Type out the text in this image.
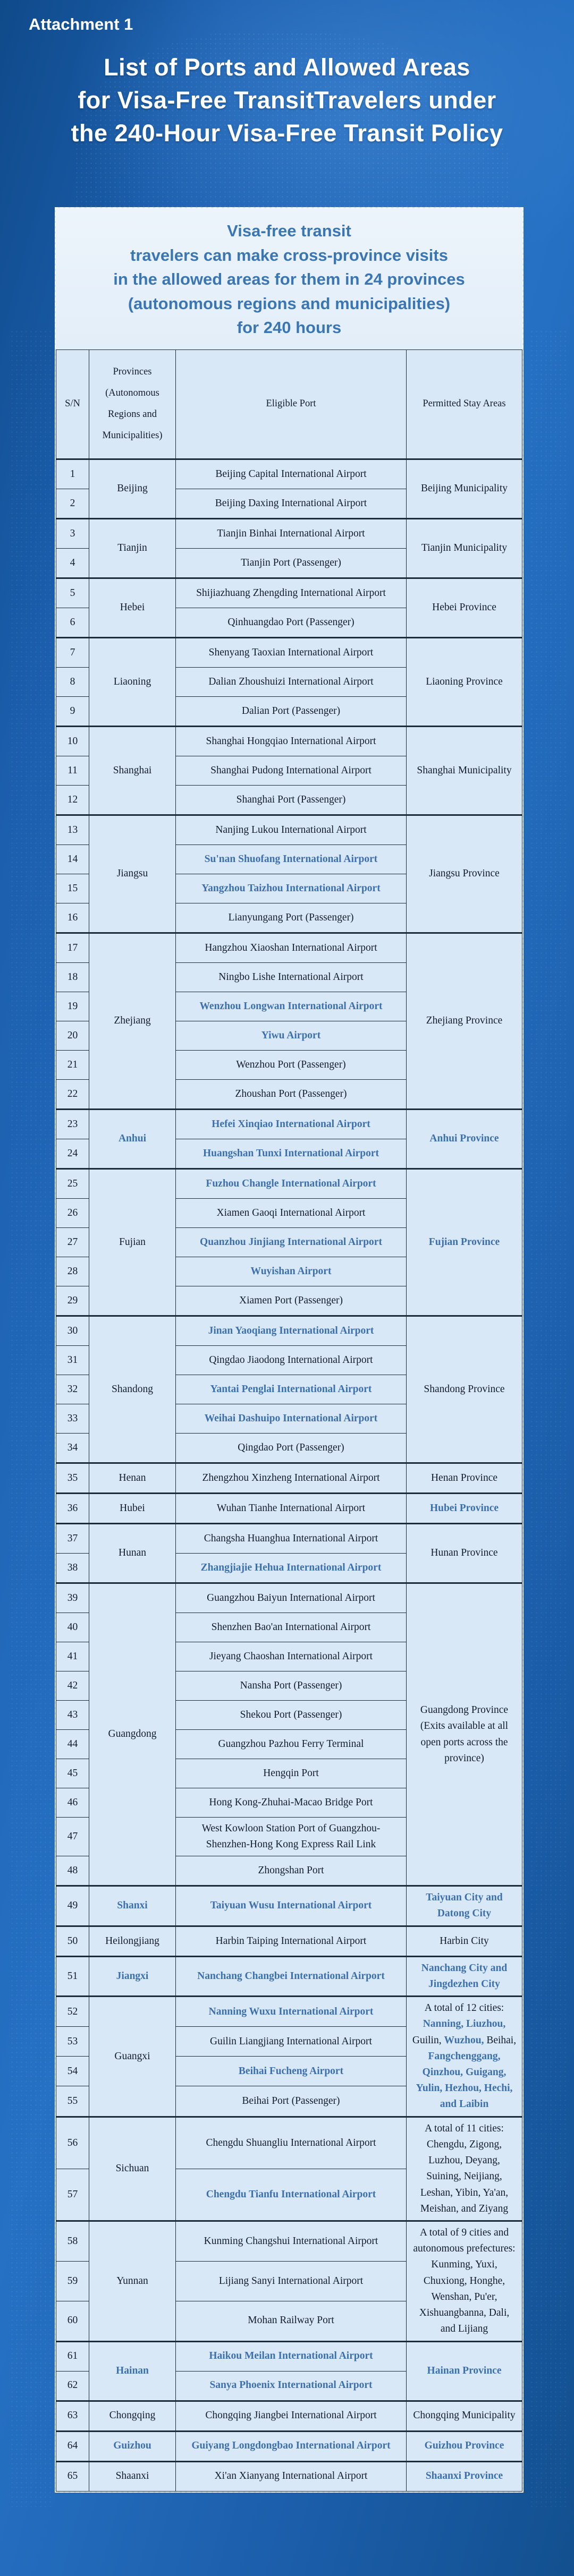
Attachment 1
List of Ports and Allowed Areas
for Visa-Free TransitTravelers under
the 240-Hour Visa-Free Transit Policy
Visa-free transit
travelers can make cross-province visits
in the allowed areas for them in 24 provinces
(autonomous regions and municipalities)
for 240 hours
S/N	Provinces (Autonomous Regions and Municipalities)	Eligible Port	Permitted Stay Areas
1	Beijing	Beijing Capital International Airport	Beijing Municipality
2		Beijing Daxing International Airport	
3	Tianjin	Tianjin Binhai International Airport	Tianjin Municipality
4		Tianjin Port (Passenger)	
5	Hebei	Shijiazhuang Zhengding International Airport	Hebei Province
6		Qinhuangdao Port (Passenger)	
7	Liaoning	Shenyang Taoxian International Airport	Liaoning Province
8		Dalian Zhoushuizi International Airport	
9		Dalian Port (Passenger)	
10	Shanghai	Shanghai Hongqiao International Airport	Shanghai Municipality
11		Shanghai Pudong International Airport	
12		Shanghai Port (Passenger)	
13	Jiangsu	Nanjing Lukou International Airport	Jiangsu Province
14		Su'nan Shuofang International Airport	
15		Yangzhou Taizhou International Airport	
16		Lianyungang Port (Passenger)	
17	Zhejiang	Hangzhou Xiaoshan International Airport	Zhejiang Province
18		Ningbo Lishe International Airport	
19		Wenzhou Longwan International Airport	
20		Yiwu Airport	
21		Wenzhou Port (Passenger)	
22		Zhoushan Port (Passenger)	
23	Anhui	Hefei Xinqiao International Airport	Anhui Province
24		Huangshan Tunxi International Airport	
25	Fujian	Fuzhou Changle International Airport	Fujian Province
26		Xiamen Gaoqi International Airport	
27		Quanzhou Jinjiang International Airport	
28		Wuyishan Airport	
29		Xiamen Port (Passenger)	
30	Shandong	Jinan Yaoqiang International Airport	Shandong Province
31		Qingdao Jiaodong International Airport	
32		Yantai Penglai International Airport	
33		Weihai Dashuipo International Airport	
34		Qingdao Port (Passenger)	
35	Henan	Zhengzhou Xinzheng International Airport	Henan Province
36	Hubei	Wuhan Tianhe International Airport	Hubei Province
37	Hunan	Changsha Huanghua International Airport	Hunan Province
38		Zhangjiajie Hehua International Airport	
39	Guangdong	Guangzhou Baiyun International Airport	Guangdong Province (Exits available at all open ports across the province)
40		Shenzhen Bao'an International Airport	
41		Jieyang Chaoshan International Airport	
42		Nansha Port (Passenger)	
43		Shekou Port (Passenger)	
44		Guangzhou Pazhou Ferry Terminal	
45		Hengqin Port	
46		Hong Kong-Zhuhai-Macao Bridge Port	
47		West Kowloon Station Port of Guangzhou-Shenzhen-Hong Kong Express Rail Link	
48		Zhongshan Port	
49	Shanxi	Taiyuan Wusu International Airport	Taiyuan City and Datong City
50	Heilongjiang	Harbin Taiping International Airport	Harbin City
51	Jiangxi	Nanchang Changbei International Airport	Nanchang City and Jingdezhen City
52	Guangxi	Nanning Wuxu International Airport	A total of 12 cities: Nanning, Liuzhou, Guilin, Wuzhou, Beihai, Fangchenggang, Qinzhou, Guigang, Yulin, Hezhou, Hechi, and Laibin
53		Guilin Liangjiang International Airport	
54		Beihai Fucheng Airport	
55		Beihai Port (Passenger)	
56	Sichuan	Chengdu Shuangliu International Airport	A total of 11 cities: Chengdu, Zigong, Luzhou, Deyang, Suining, Neijiang, Leshan, Yibin, Ya'an, Meishan, and Ziyang
57		Chengdu Tianfu International Airport	
58	Yunnan	Kunming Changshui International Airport	A total of 9 cities and autonomous prefectures: Kunming, Yuxi, Chuxiong, Honghe, Wenshan, Pu'er, Xishuangbanna, Dali, and Lijiang
59		Lijiang Sanyi International Airport	
60		Mohan Railway Port	
61	Hainan	Haikou Meilan International Airport	Hainan Province
62		Sanya Phoenix International Airport	
63	Chongqing	Chongqing Jiangbei International Airport	Chongqing Municipality
64	Guizhou	Guiyang Longdongbao International Airport	Guizhou Province
65	Shaanxi	Xi'an Xianyang International Airport	Shaanxi Province
